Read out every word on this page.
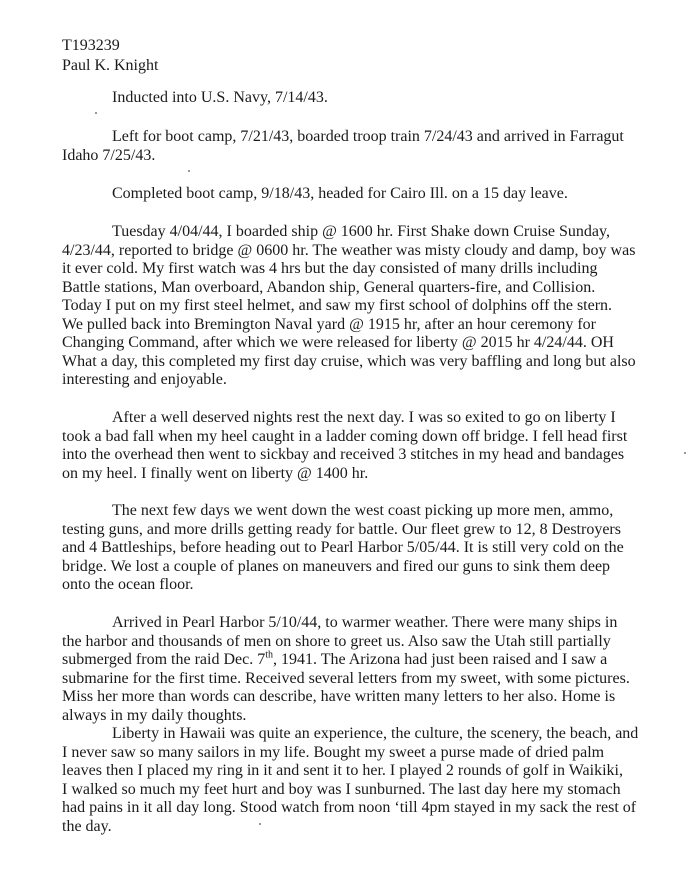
T193239
Paul K. Knight

Inducted into U.S. Navy, 7/14/43.

Left for boot camp, 7/21/43, boarded troop train 7/24/43 and arrived in Farragut
Idaho 7/25/43.

Completed boot camp, 9/18/43, headed for Cairo Ill. on a 15 day leave.

Tuesday 4/04/44, I boarded ship @ 1600 hr. First Shake down Cruise Sunday,
4/23/44, reported to bridge @ 0600 hr. The weather was misty cloudy and damp, boy was
it ever cold. My first watch was 4 hrs but the day consisted of many drills including
Battle stations, Man overboard, Abandon ship, General quarters-fire, and Collision.
Today I put on my first steel helmet, and saw my first school of dolphins off the stern.
We pulled back into Bremington Naval yard @ 1915 hr, after an hour ceremony for
Changing Command, after which we were released for liberty @ 2015 hr 4/24/44. OH
What a day, this completed my first day cruise, which was very baffling and long but also
interesting and enjoyable.

After a well deserved nights rest the next day. I was so exited to go on liberty I
took a bad fall when my heel caught in a ladder coming down off bridge. I fell head first
into the overhead then went to sickbay and received 3 stitches in my head and bandages
on my heel. I finally went on liberty @ 1400 hr.

The next few days we went down the west coast picking up more men, ammo,
testing guns, and more drills getting ready for battle. Our fleet grew to 12, 8 Destroyers
and 4 Battleships, before heading out to Pearl Harbor 5/05/44. It is still very cold on the
bridge. We lost a couple of planes on maneuvers and fired our guns to sink them deep
onto the ocean floor.

Arrived in Pearl Harbor 5/10/44, to warmer weather. There were many ships in
the harbor and thousands of men on shore to greet us. Also saw the Utah still partially
submerged from the raid Dec. 7th, 1941. The Arizona had just been raised and I saw a
submarine for the first time. Received several letters from my sweet, with some pictures.
Miss her more than words can describe, have written many letters to her also. Home is
always in my daily thoughts.

Liberty in Hawaii was quite an experience, the culture, the scenery, the beach, and
I never saw so many sailors in my life. Bought my sweet a purse made of dried palm
leaves then I placed my ring in it and sent it to her. I played 2 rounds of golf in Waikiki,
I walked so much my feet hurt and boy was I sunburned. The last day here my stomach
had pains in it all day long. Stood watch from noon ‘till 4pm stayed in my sack the rest of
the day.
